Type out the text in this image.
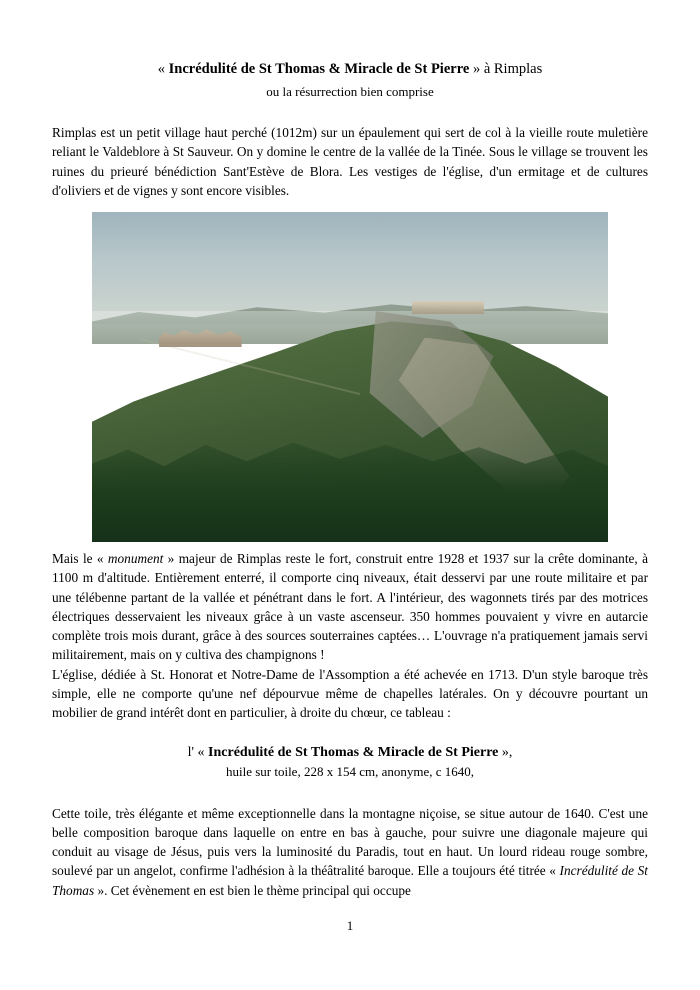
« Incrédulité de St Thomas & Miracle de St Pierre » à Rimplas
ou la résurrection bien comprise

Rimplas est un petit village haut perché (1012m) sur un épaulement qui sert de col à la vieille route muletière reliant le Valdeblore à St Sauveur. On y domine le centre de la vallée de la Tinée. Sous le village se trouvent les ruines du prieuré bénédiction Sant'Estève de Blora. Les vestiges de l'église, d'un ermitage et de cultures d'oliviers et de vignes y sont encore visibles.

Mais le « monument » majeur de Rimplas reste le fort, construit entre 1928 et 1937 sur la crête dominante, à 1100 m d'altitude. Entièrement enterré, il comporte cinq niveaux, était desservi par une route militaire et par une télébenne partant de la vallée et pénétrant dans le fort. A l'intérieur, des wagonnets tirés par des motrices électriques desservaient les niveaux grâce à un vaste ascenseur. 350 hommes pouvaient y vivre en autarcie complète trois mois durant, grâce à des sources souterraines captées… L'ouvrage n'a pratiquement jamais servi militairement, mais on y cultiva des champignons !

L'église, dédiée à St. Honorat et Notre-Dame de l'Assomption a été achevée en 1713. D'un style baroque très simple, elle ne comporte qu'une nef dépourvue même de chapelles latérales. On y découvre pourtant un mobilier de grand intérêt dont en particulier, à droite du chœur, ce tableau :

l' « Incrédulité de St Thomas & Miracle de St Pierre »,
huile sur toile, 228 x 154 cm, anonyme, c 1640,

Cette toile, très élégante et même exceptionnelle dans la montagne niçoise, se situe autour de 1640. C'est une belle composition baroque dans laquelle on entre en bas à gauche, pour suivre une diagonale majeure qui conduit au visage de Jésus, puis vers la luminosité du Paradis, tout en haut. Un lourd rideau rouge sombre, soulevé par un angelot, confirme l'adhésion à la théâtralité baroque. Elle a toujours été titrée « Incrédulité de St Thomas ». Cet évènement en est bien le thème principal qui occupe

1
